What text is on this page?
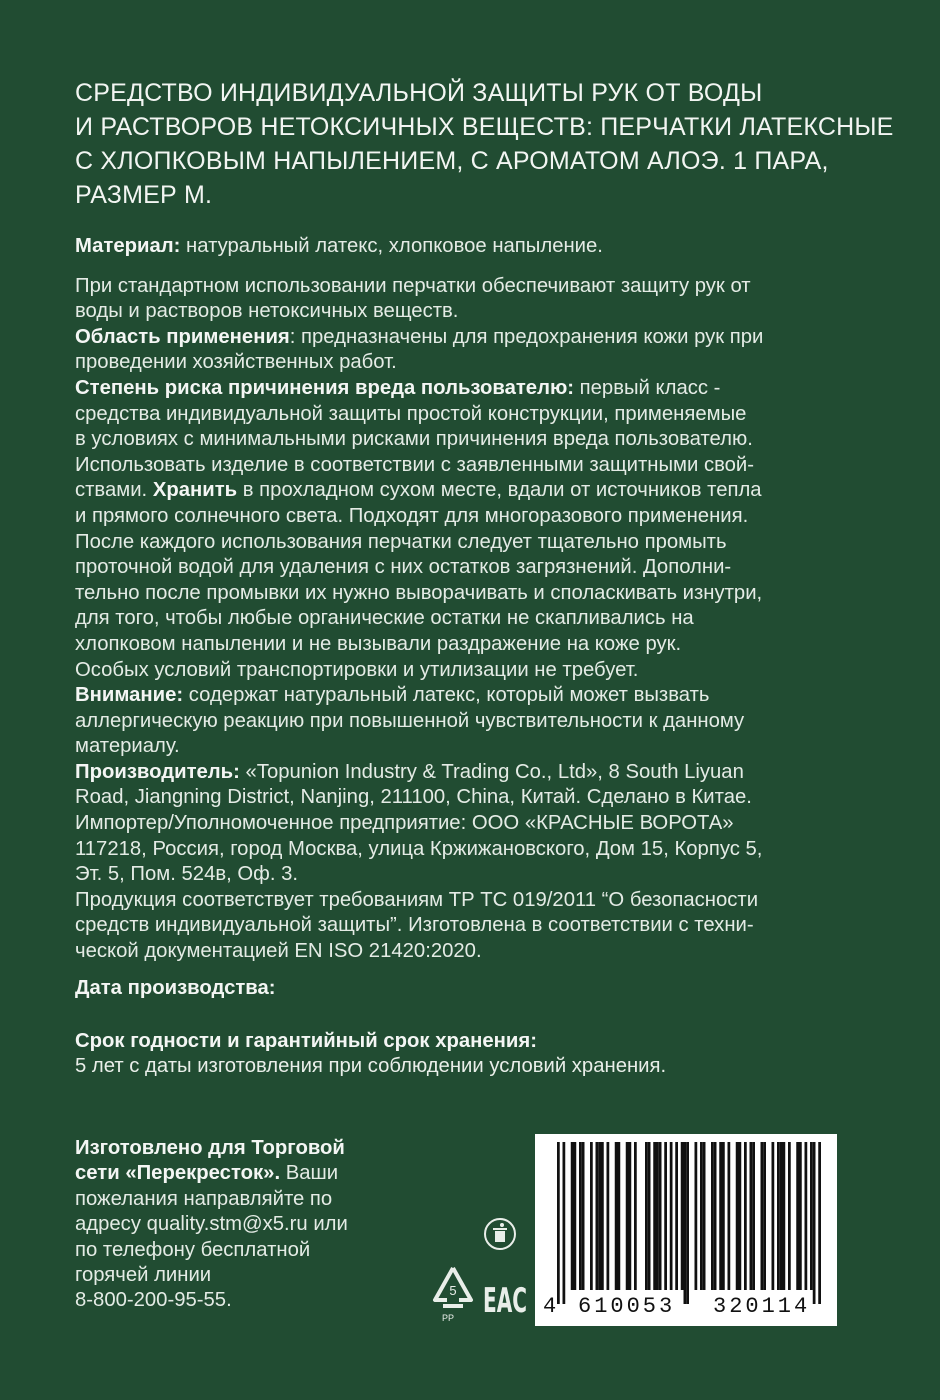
СРЕДСТВО ИНДИВИДУАЛЬНОЙ ЗАЩИТЫ РУК ОТ ВОДЫ
И РАСТВОРОВ НЕТОКСИЧНЫХ ВЕЩЕСТВ: ПЕРЧАТКИ ЛАТЕКСНЫЕ
С ХЛОПКОВЫМ НАПЫЛЕНИЕМ, С АРОМАТОМ АЛОЭ. 1 ПАРА,
РАЗМЕР М.

Материал: натуральный латекс, хлопковое напыление.

При стандартном использовании перчатки обеспечивают защиту рук от
воды и растворов нетоксичных веществ.

Область применения: предназначены для предохранения кожи рук при
проведении хозяйственных работ.

Степень риска причинения вреда пользователю: первый класс -
средства индивидуальной защиты простой конструкции, применяемые
в условиях с минимальными рисками причинения вреда пользователю.
Использовать изделие в соответствии с заявленными защитными свой-
ствами. Хранить в прохладном сухом месте, вдали от источников тепла
и прямого солнечного света. Подходят для многоразового применения.
После каждого использования перчатки следует тщательно промыть
проточной водой для удаления с них остатков загрязнений. Дополни-
тельно после промывки их нужно выворачивать и споласкивать изнутри,
для того, чтобы любые органические остатки не скапливались на
хлопковом напылении и не вызывали раздражение на коже рук.
Особых условий транспортировки и утилизации не требует.

Внимание: содержат натуральный латекс, который может вызвать
аллергическую реакцию при повышенной чувствительности к данному
материалу.

Производитель: «Topunion Industry & Trading Co., Ltd», 8 South Liyuan
Road, Jiangning District, Nanjing, 211100, China, Китай. Сделано в Китае.
Импортер/Уполномоченное предприятие: ООО «КРАСНЫЕ ВОРОТА»
117218, Россия, город Москва, улица Кржижановского, Дом 15, Корпус 5,
Эт. 5, Пом. 524в, Оф. 3.

Продукция соответствует требованиям ТР ТС 019/2011 “О безопасности
средств индивидуальной защиты”. Изготовлена в соответствии с техни-
ческой документацией EN ISO 21420:2020.

Дата производства:
Срок годности и гарантийный срок хранения:
5 лет с даты изготовления при соблюдении условий хранения.
Изготовлено для Торговой
сети «Перекресток». Ваши
пожелания направляйте по
адресу quality.stm@x5.ru или
по телефону бесплатной
горячей линии
8-800-200-95-55.	5
PP EAC 4 610053	320114
